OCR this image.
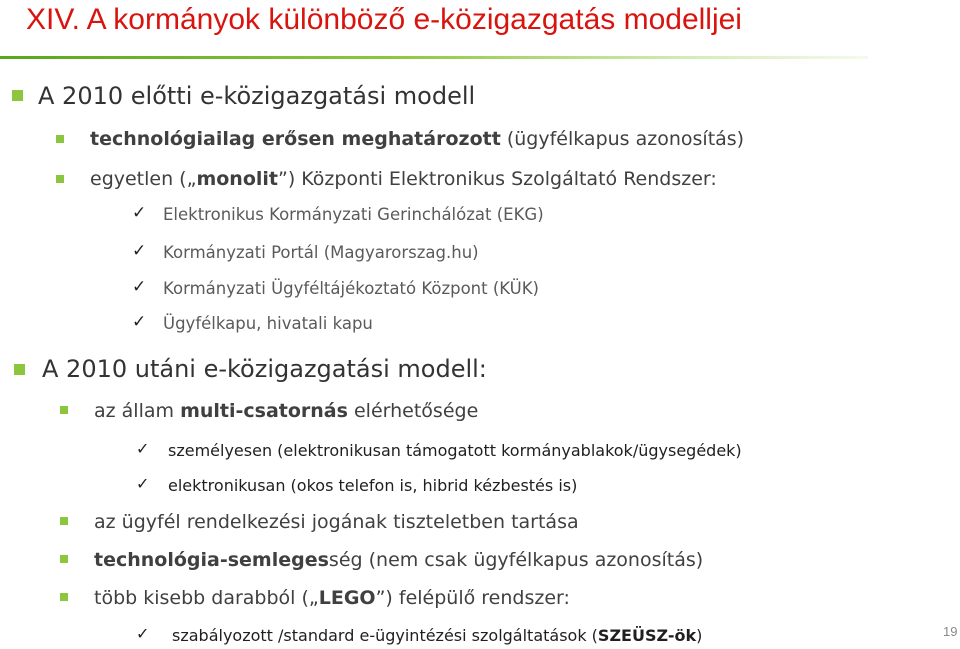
XIV. A kormányok különböző e-közigazgatás modelljei
A 2010 előtti e-közigazgatási modell
technológiailag erősen meghatározott (ügyfélkapus azonosítás)
egyetlen („monolit”) Központi Elektronikus Szolgáltató Rendszer:
✓ Elektronikus Kormányzati Gerinchálózat (EKG)
✓ Kormányzati Portál (Magyarorszag.hu)
✓ Kormányzati Ügyféltájékoztató Központ (KÜK)
✓ Ügyfélkapu, hivatali kapu
A 2010 utáni e-közigazgatási modell:
az állam multi-csatornás elérhetősége
✓ személyesen (elektronikusan támogatott kormányablakok/ügysegédek)
✓ elektronikusan (okos telefon is, hibrid kézbestés is)
az ügyfél rendelkezési jogának tiszteletben tartása
technológia-semlegesség (nem csak ügyfélkapus azonosítás)
több kisebb darabból („LEGO”) felépülő rendszer:
✓ szabályozott /standard e-ügyintézési szolgáltatások (SZEÜSZ-ök)	19
